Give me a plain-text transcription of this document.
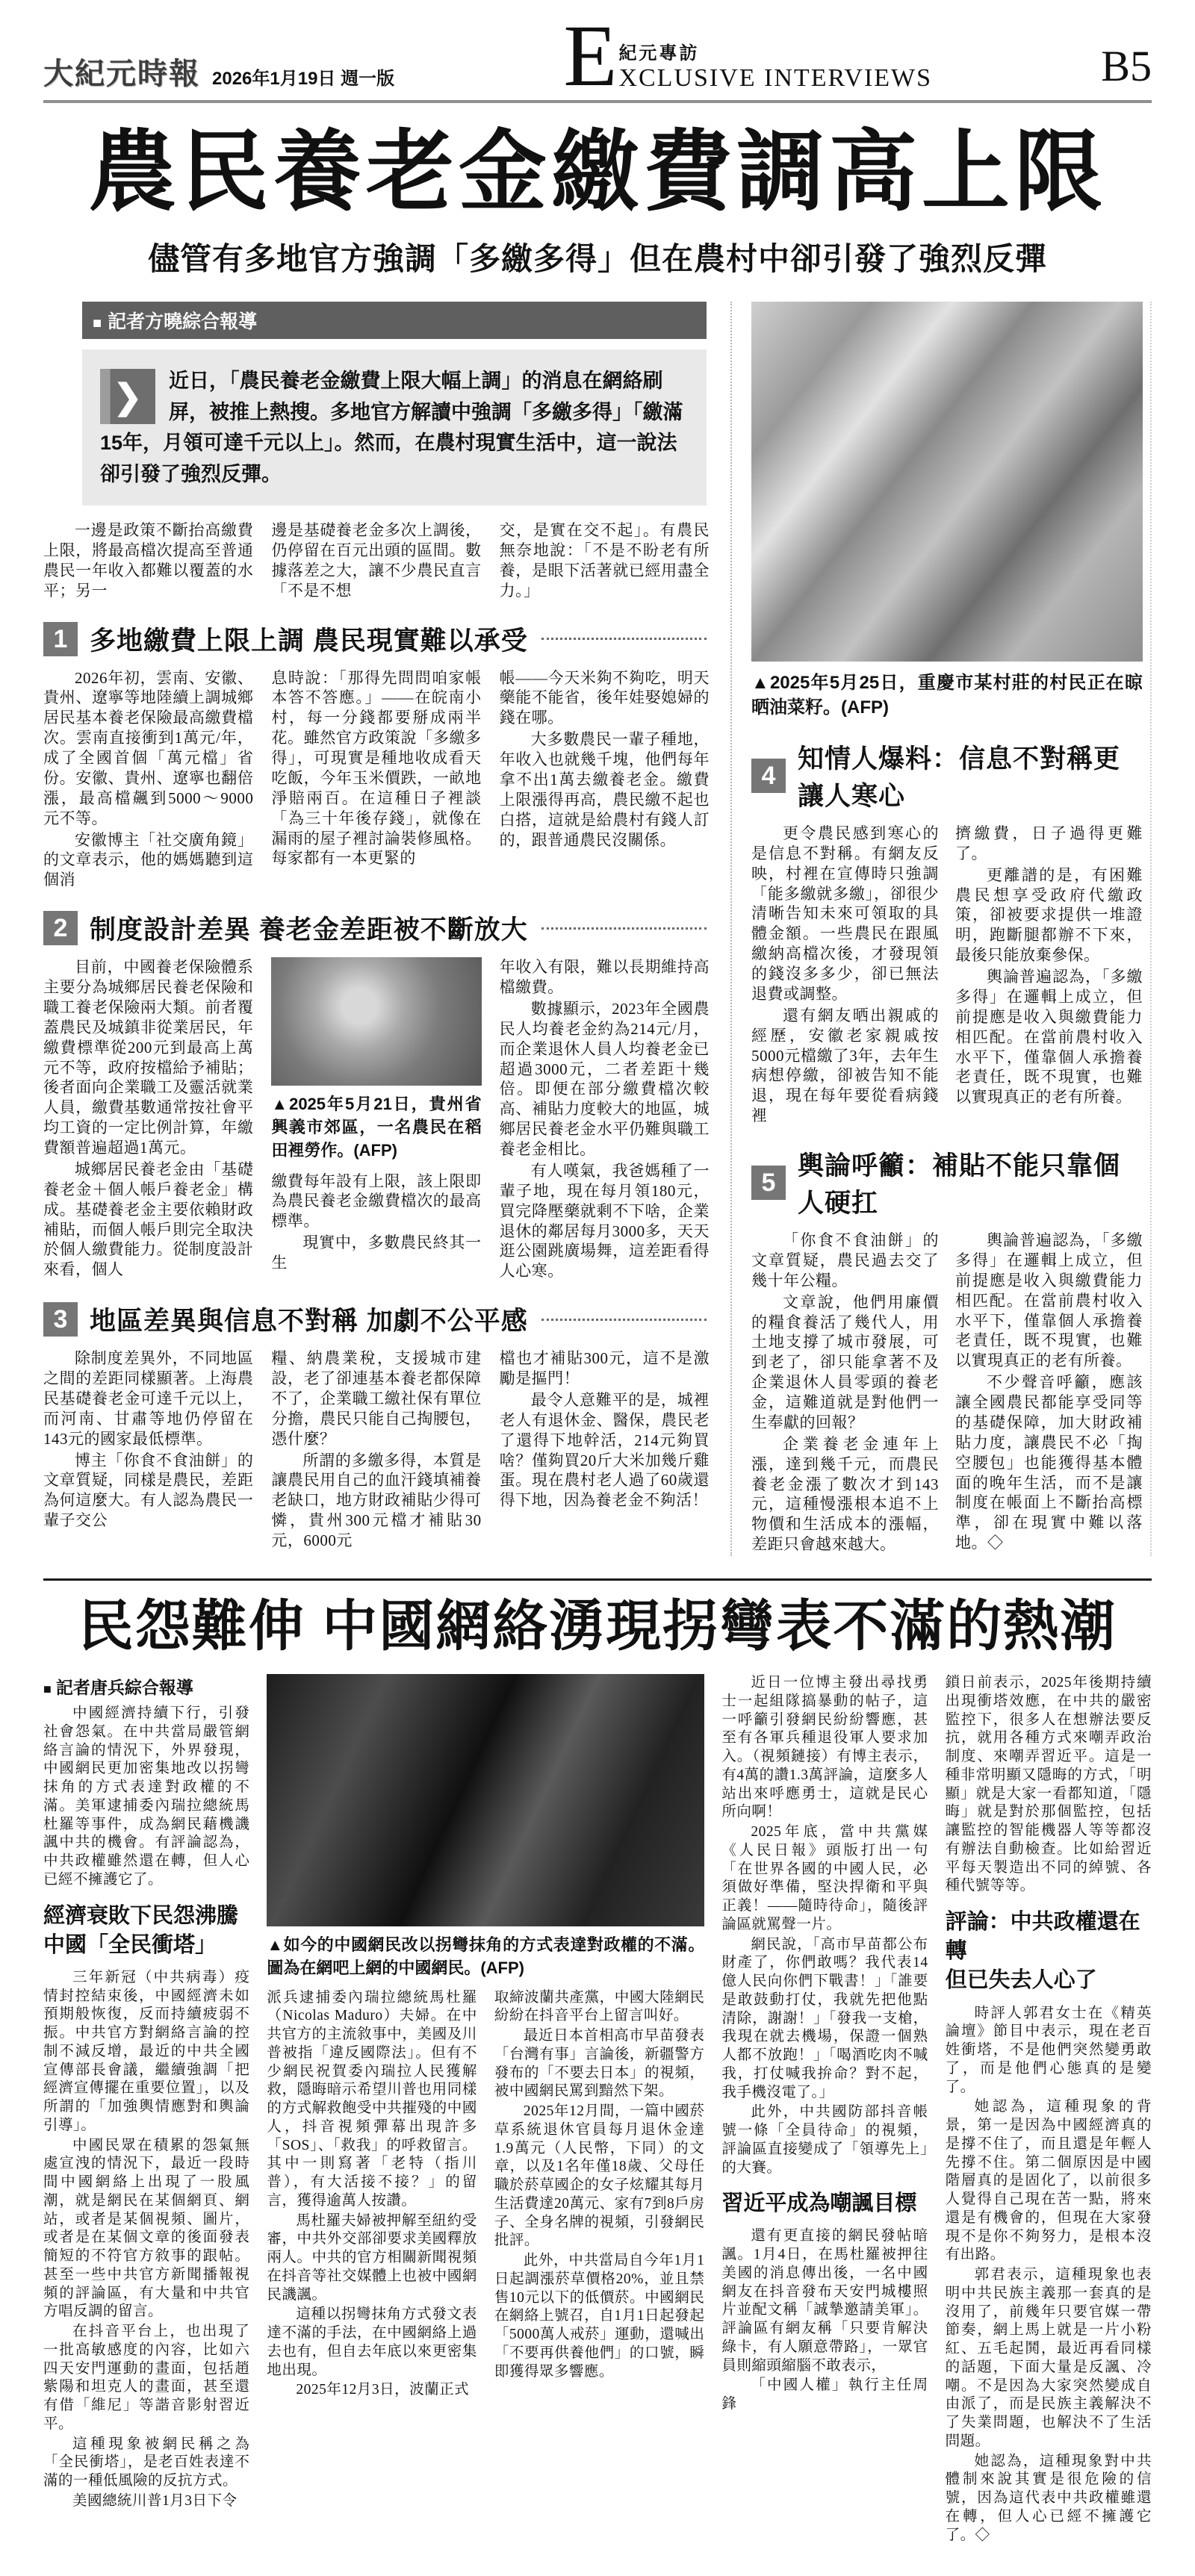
大紀元時報 2026年1月19日 週一版 E 紀元專訪
XCLUSIVE INTERVIEWS	B5
農民養老金繳費調高上限
儘管有多地官方強調「多繳多得」但在農村中卻引發了強烈反彈
■ 記者方曉綜合報導
❯	近日，「農民養老金繳費上限大幅上調」的消息在網絡刷屏，被推上熱搜。多地官方解讀中強調「多繳多得」「繳滿15年，月領可達千元以上」。然而，在農村現實生活中，這一說法卻引發了強烈反彈。

一邊是政策不斷抬高繳費上限，將最高檔次提高至普通農民一年收入都難以覆蓋的水平；另一

邊是基礎養老金多次上調後，仍停留在百元出頭的區間。數據落差之大，讓不少農民直言「不是不想

交，是實在交不起」。有農民無奈地說：「不是不盼老有所養，是眼下活著就已經用盡全力。」

1 多地繳費上限上調 農民現實難以承受

2026年初，雲南、安徽、貴州、遼寧等地陸續上調城鄉居民基本養老保險最高繳費檔次。雲南直接衝到1萬元/年，成了全國首個「萬元檔」省份。安徽、貴州、遼寧也翻倍漲，最高檔飆到5000～9000元不等。

安徽博主「社交廣角鏡」的文章表示，他的媽媽聽到這個消

息時說：「那得先問問咱家帳本答不答應。」——在皖南小村，每一分錢都要掰成兩半花。雖然官方政策說「多繳多得」，可現實是種地收成看天吃飯，今年玉米價跌，一畝地淨賠兩百。在這種日子裡談「為三十年後存錢」，就像在漏雨的屋子裡討論裝修風格。每家都有一本更緊的

帳——今天米夠不夠吃，明天藥能不能省，後年娃娶媳婦的錢在哪。

大多數農民一輩子種地，年收入也就幾千塊，他們每年拿不出1萬去繳養老金。繳費上限漲得再高，農民繳不起也白搭，這就是給農村有錢人訂的，跟普通農民沒關係。

2 制度設計差異 養老金差距被不斷放大

目前，中國養老保險體系主要分為城鄉居民養老保險和職工養老保險兩大類。前者覆蓋農民及城鎮非從業居民，年繳費標準從200元到最高上萬元不等，政府按檔給予補貼；後者面向企業職工及靈活就業人員，繳費基數通常按社會平均工資的一定比例計算，年繳費額普遍超過1萬元。

城鄉居民養老金由「基礎養老金＋個人帳戶養老金」構成。基礎養老金主要依賴財政補貼，而個人帳戶則完全取決於個人繳費能力。從制度設計來看，個人

▲2025年5月21日，貴州省興義市郊區，一名農民在稻田裡勞作。(AFP)

繳費每年設有上限，該上限即為農民養老金繳費檔次的最高標準。

現實中，多數農民終其一生

年收入有限，難以長期維持高檔繳費。

數據顯示，2023年全國農民人均養老金約為214元/月，而企業退休人員人均養老金已超過3000元，二者差距十幾倍。即便在部分繳費檔次較高、補貼力度較大的地區，城鄉居民養老金水平仍難與職工養老金相比。

有人嘆氣，我爸媽種了一輩子地，現在每月領180元，買完降壓藥就剩不下啥，企業退休的鄰居每月3000多，天天逛公園跳廣場舞，這差距看得人心寒。

3 地區差異與信息不對稱 加劇不公平感

除制度差異外，不同地區之間的差距同樣顯著。上海農民基礎養老金可達千元以上，而河南、甘肅等地仍停留在143元的國家最低標準。

博主「你食不食油餅」的文章質疑，同樣是農民，差距為何這麼大。有人認為農民一輩子交公

糧、納農業稅，支援城市建設，老了卻連基本養老都保障不了，企業職工繳社保有單位分擔，農民只能自己掏腰包，憑什麼？

所謂的多繳多得，本質是讓農民用自己的血汗錢填補養老缺口，地方財政補貼少得可憐，貴州300元檔才補貼30元，6000元

檔也才補貼300元，這不是激勵是摳門！

最令人意難平的是，城裡老人有退休金、醫保，農民老了還得下地幹活，214元夠買啥？僅夠買20斤大米加幾斤雞蛋。現在農村老人過了60歲還得下地，因為養老金不夠活！

▲2025年5月25日，重慶市某村莊的村民正在晾晒油菜籽。(AFP)

4
知情人爆料：信息不對稱更讓人寒心

更令農民感到寒心的是信息不對稱。有網友反映，村裡在宣傳時只強調「能多繳就多繳」，卻很少清晰告知未來可領取的具體金額。一些農民在跟風繳納高檔次後，才發現領的錢沒多多少，卻已無法退費或調整。

還有網友晒出親戚的經歷，安徽老家親戚按5000元檔繳了3年，去年生病想停繳，卻被告知不能退，現在每年要從看病錢裡

擠繳費，日子過得更難了。

更離譜的是，有困難農民想享受政府代繳政策，卻被要求提供一堆證明，跑斷腿都辦不下來，最後只能放棄參保。

輿論普遍認為，「多繳多得」在邏輯上成立，但前提應是收入與繳費能力相匹配。在當前農村收入水平下，僅靠個人承擔養老責任，既不現實，也難以實現真正的老有所養。

5
輿論呼籲：補貼不能只靠個人硬扛

「你食不食油餅」的文章質疑，農民過去交了幾十年公糧。

文章說，他們用廉價的糧食養活了幾代人，用土地支撐了城市發展，可到老了，卻只能拿著不及企業退休人員零頭的養老金，這難道就是對他們一生奉獻的回報？

企業養老金連年上漲，達到幾千元，而農民養老金漲了數次才到143元，這種慢漲根本追不上物價和生活成本的漲幅，差距只會越來越大。

輿論普遍認為，「多繳多得」在邏輯上成立，但前提應是收入與繳費能力相匹配。在當前農村收入水平下，僅靠個人承擔養老責任，既不現實，也難以實現真正的老有所養。

不少聲音呼籲，應該讓全國農民都能享受同等的基礎保障，加大財政補貼力度，讓農民不必「掏空腰包」也能獲得基本體面的晚年生活，而不是讓制度在帳面上不斷抬高標準，卻在現實中難以落地。◇

民怨難伸 中國網絡湧現拐彎表不滿的熱潮

■ 記者唐兵綜合報導

中國經濟持續下行，引發社會怨氣。在中共當局嚴管網絡言論的情況下，外界發現，中國網民更加密集地改以拐彎抹角的方式表達對政權的不滿。美軍逮捕委內瑞拉總統馬杜羅等事件，成為網民藉機譏諷中共的機會。有評論認為，中共政權雖然還在轉，但人心已經不擁護它了。

經濟衰敗下民怨沸騰
中國「全民衝塔」

三年新冠（中共病毒）疫情封控結束後，中國經濟未如預期般恢復，反而持續疲弱不振。中共官方對網絡言論的控制不減反增，最近的中共全國宣傳部長會議，繼續強調「把經濟宣傳擺在重要位置」，以及所謂的「加強輿情應對和輿論引導」。

中國民眾在積累的怨氣無處宣洩的情況下，最近一段時間中國網絡上出現了一股風潮，就是網民在某個網頁、網站，或者是某個視頻、圖片，或者是在某個文章的後面發表簡短的不符官方敘事的跟帖。甚至一些中共官方新聞播報視頻的評論區，有大量和中共官方唱反調的留言。

在抖音平台上，也出現了一批高敏感度的內容，比如六四天安門運動的畫面，包括趙紫陽和坦克人的畫面，甚至還有借「維尼」等諧音影射習近平。

這種現象被網民稱之為「全民衝塔」，是老百姓表達不滿的一種低風險的反抗方式。

美國總統川普1月3日下令

▲如今的中國網民改以拐彎抹角的方式表達對政權的不滿。圖為在網吧上網的中國網民。(AFP)

派兵逮捕委內瑞拉總統馬杜羅（Nicolas Maduro）夫婦。在中共官方的主流敘事中，美國及川普被指「違反國際法」。但有不少網民祝賀委內瑞拉人民獲解救，隱晦暗示希望川普也用同樣的方式解救飽受中共摧殘的中國人，抖音視頻彈幕出現許多「SOS」、「救我」的呼救留言。其中一則寫著「老特（指川普），有大活接不接？」的留言，獲得逾萬人按讚。

馬杜羅夫婦被押解至紐約受審，中共外交部卻要求美國釋放兩人。中共的官方相關新聞視頻在抖音等社交媒體上也被中國網民譏諷。

這種以拐彎抹角方式發文表達不滿的手法，在中國網絡上過去也有，但自去年底以來更密集地出現。

2025年12月3日，波蘭正式

取締波蘭共產黨，中國大陸網民紛紛在抖音平台上留言叫好。

最近日本首相高市早苗發表「台灣有事」言論後，新疆警方發布的「不要去日本」的視頻，被中國網民罵到黯然下架。

2025年12月間，一篇中國菸草系統退休官員每月退休金達1.9萬元（人民幣，下同）的文章，以及1名年僅18歲、父母任職於菸草國企的女子炫耀其每月生活費達20萬元、家有7到8戶房子、全身名牌的視頻，引發網民批評。

此外，中共當局自今年1月1日起調漲菸草價格20%，並且禁售10元以下的低價菸。中國網民在網絡上號召，自1月1日起發起「5000萬人戒菸」運動，還喊出「不要再供養他們」的口號，瞬即獲得眾多響應。

近日一位博主發出尋找勇士一起組隊搞暴動的帖子，這一呼籲引發網民紛紛響應，甚至有各軍兵種退役軍人要求加入。（視頻鏈接）有博主表示，有4萬的讚1.3萬評論，這麼多人站出來呼應勇士，這就是民心所向啊！

2025年底，當中共黨媒《人民日報》頭版打出一句「在世界各國的中國人民，必須做好準備，堅決捍衛和平與正義！——隨時待命」，隨後評論區就罵聲一片。

網民說，「高市早苗都公布財產了，你們敢嗎？我代表14億人民向你們下戰書！」「誰要是敢鼓動打仗，我就先把他點清除，謝謝！」「發我一支槍，我現在就去機場，保證一個熟人都不放跑！」「喝酒吃肉不喊我，打仗喊我拚命？對不起，我手機沒電了。」

此外，中共國防部抖音帳號一條「全員待命」的視頻，評論區直接變成了「領導先上」的大賽。

習近平成為嘲諷目標

還有更直接的網民發帖暗諷。1月4日，在馬杜羅被押往美國的消息傳出後，一名中國網友在抖音發布天安門城樓照片並配文稱「誠摯邀請美軍」。評論區有網友稱「只要肯解決綠卡，有人願意帶路」，一眾官員則縮頭縮腦不敢表示，

「中國人權」執行主任周鋒

鎖日前表示，2025年後期持續出現衝塔效應，在中共的嚴密監控下，很多人在想辦法要反抗，就用各種方式來嘲弄政治制度、來嘲弄習近平。這是一種非常明顯又隱晦的方式，「明顯」就是大家一看都知道，「隱晦」就是對於那個監控，包括讓監控的智能機器人等等都沒有辦法自動檢查。比如給習近平每天製造出不同的綽號、各種代號等等。

評論：中共政權還在轉
但已失去人心了

時評人郭君女士在《精英論壇》節目中表示，現在老百姓衝塔，不是他們突然變勇敢了，而是他們心態真的是變了。

她認為，這種現象的背景，第一是因為中國經濟真的是撐不住了，而且還是年輕人先撐不住。第二個原因是中國階層真的是固化了，以前很多人覺得自己現在苦一點，將來還是有機會的，但現在大家發現不是你不夠努力，是根本沒有出路。

郭君表示，這種現象也表明中共民族主義那一套真的是沒用了，前幾年只要官媒一帶節奏，網上馬上就是一片小粉紅、五毛起鬨，最近再看同樣的話題，下面大量是反諷、冷嘲。不是因為大家突然變成自由派了，而是民族主義解決不了失業問題，也解決不了生活問題。

她認為，這種現象對中共體制來說其實是很危險的信號，因為這代表中共政權雖還在轉，但人心已經不擁護它了。◇
